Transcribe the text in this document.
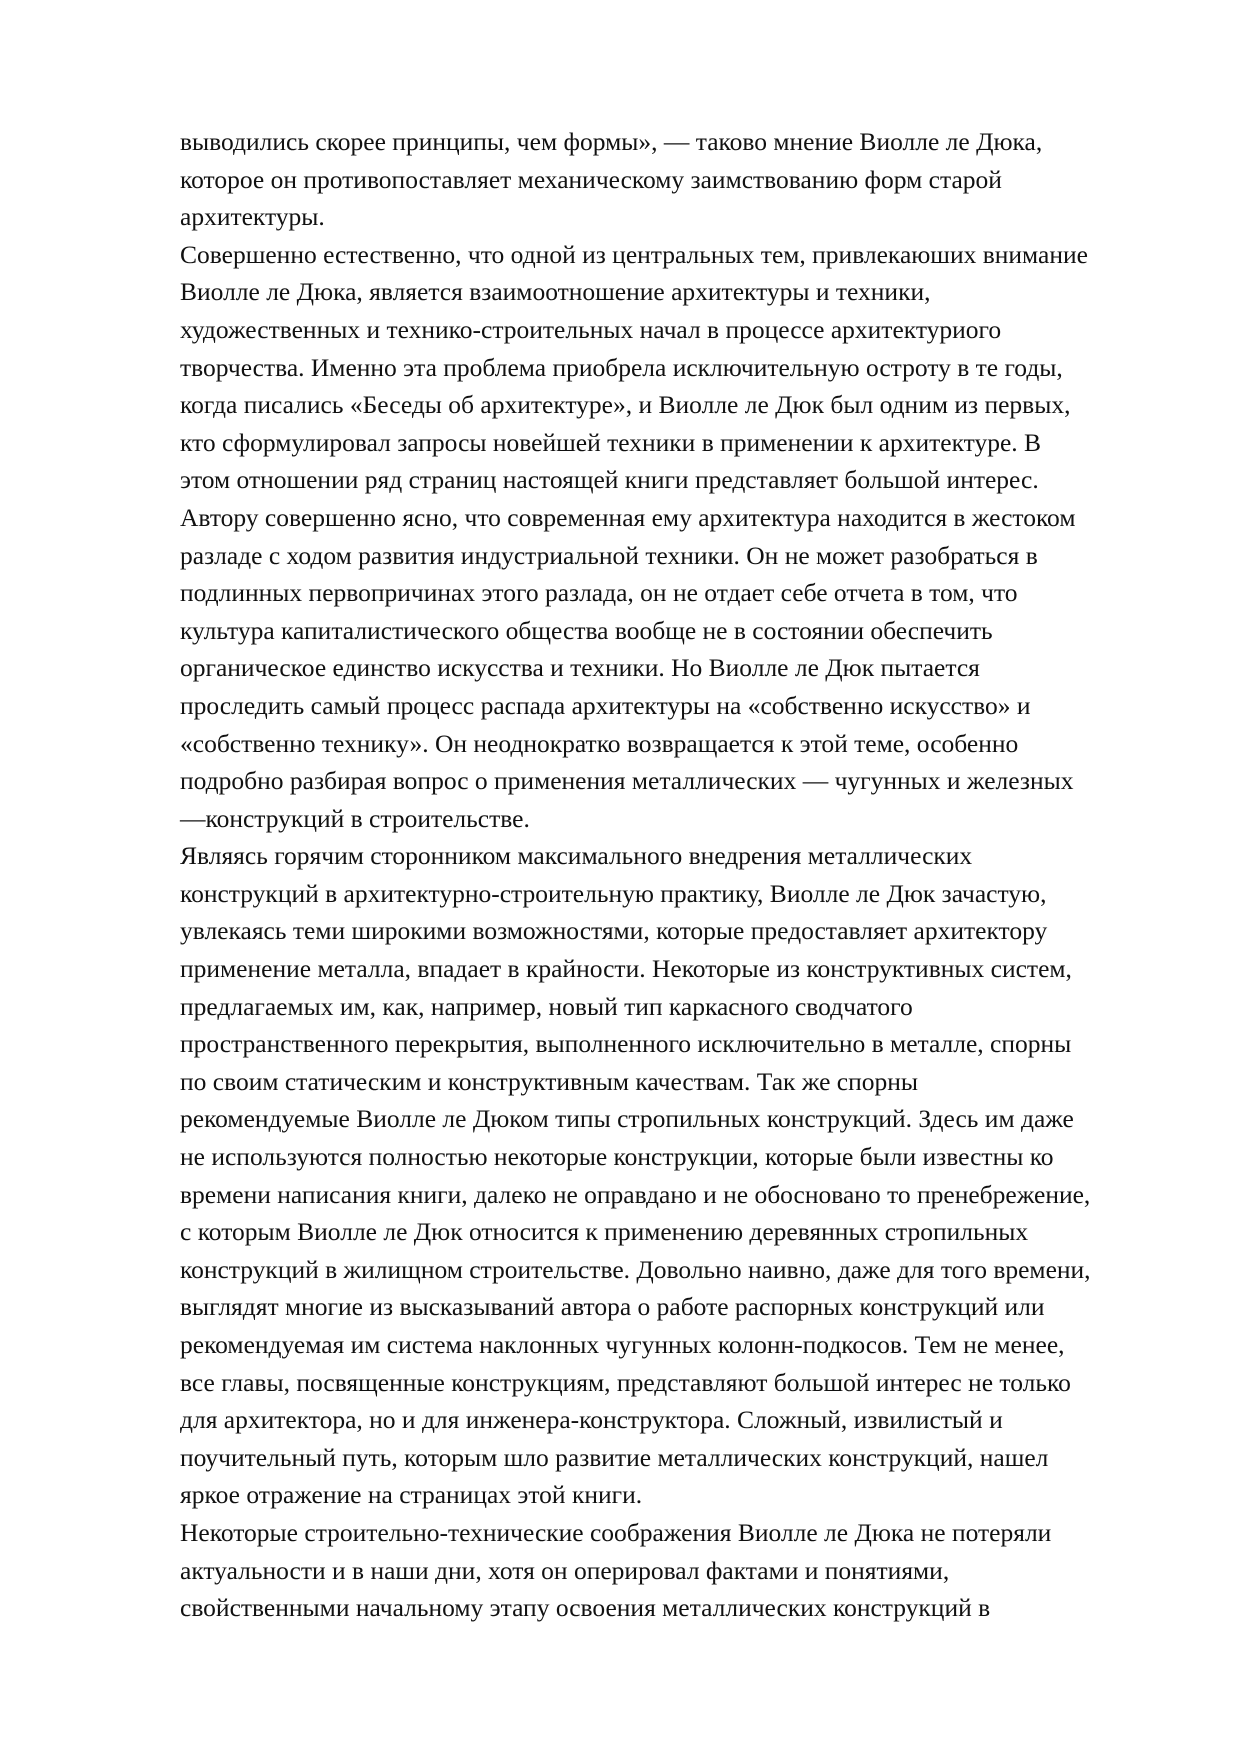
выводились скорее принципы, чем формы», — таково мнение Виолле ле Дюка,
которое он противопоставляет механическому заимствованию форм старой
архитектуры.

Совершенно естественно, что одной из центральных тем, привлекаюших внимание
Виолле ле Дюка, является взаимоотношение архитектуры и техники,
художественных и технико-строительных начал в процессе архитектуриого
творчества. Именно эта проблема приобрела исключительную остроту в те годы,
когда писались «Беседы об архитектуре», и Виолле ле Дюк был одним из первых,
кто сформулировал запросы новейшей техники в применении к архитектуре. В
этом отношении ряд страниц настоящей книги представляет большой интерес.
Автору совершенно ясно, что современная ему архитектура находится в жестоком
разладе с ходом развития индустриальной техники. Он не может разобраться в
подлинных первопричинах этого разлада, он не отдает себе отчета в том, что
культура капиталистического общества вообще не в состоянии обеспечить
органическое единство искусства и техники. Но Виолле ле Дюк пытается
проследить самый процесс распада архитектуры на «собственно искусство» и
«собственно технику». Он неоднократко возвращается к этой теме, особенно
подробно разбирая вопрос о применения металлических — чугунных и железных
—конструкций в строительстве.

Являясь горячим сторонником максимального внедрения металлических
конструкций в архитектурно-строительную практику, Виолле ле Дюк зачастую,
увлекаясь теми широкими возможностями, которые предоставляет архитектору
применение металла, впадает в крайности. Некоторые из конструктивных систем,
предлагаемых им, как, например, новый тип каркасного сводчатого
пространственного перекрытия, выполненного исключительно в металле, спорны
по своим статическим и конструктивным качествам. Так же спорны
рекомендуемые Виолле ле Дюком типы стропильных конструкций. Здесь им даже
не используются полностью некоторые конструкции, которые были известны ко
времени написания книги, далеко не оправдано и не обосновано то пренебрежение,
с которым Виолле ле Дюк относится к применению деревянных стропильных
конструкций в жилищном строительстве. Довольно наивно, даже для того времени,
выглядят многие из высказываний автора о работе распорных конструкций или
рекомендуемая им система наклонных чугунных колонн-подкосов. Тем не менее,
все главы, посвященные конструкциям, представляют большой интерес не только
для архитектора, но и для инженера-конструктора. Сложный, извилистый и
поучительный путь, которым шло развитие металлических конструкций, нашел
яркое отражение на страницах этой книги.

Некоторые строительно-технические соображения Виолле ле Дюка не потеряли
актуальности и в наши дни, хотя он оперировал фактами и понятиями,
свойственными начальному этапу освоения металлических конструкций в
